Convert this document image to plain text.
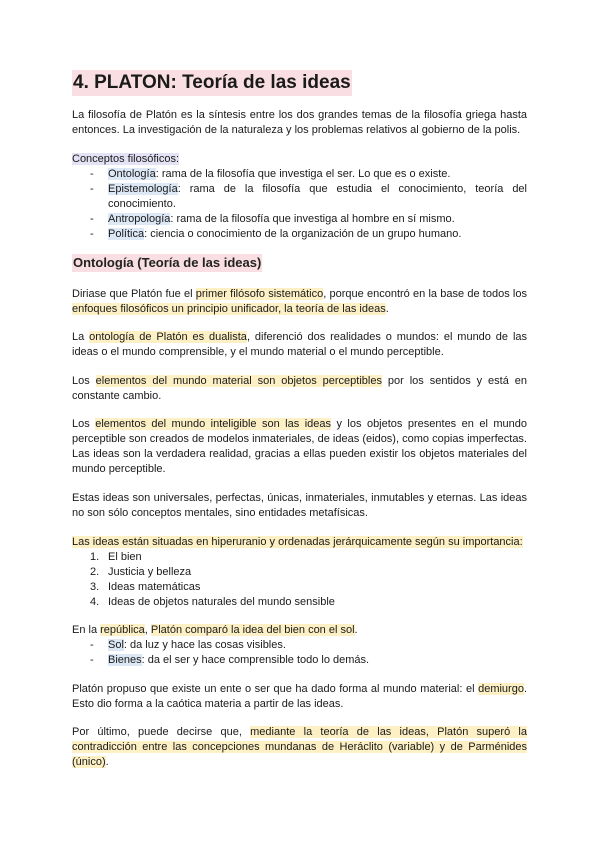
4. PLATON: Teoría de las ideas

La filosofía de Platón es la síntesis entre los dos grandes temas de la filosofía griega hasta entonces. La investigación de la naturaleza y los problemas relativos al gobierno de la polis.

Conceptos filosóficos:

- Ontología: rama de la filosofía que investiga el ser. Lo que es o existe.
- Epistemología: rama de la filosofía que estudia el conocimiento, teoría del conocimiento.
- Antropología: rama de la filosofía que investiga al hombre en sí mismo.
- Política: ciencia o conocimiento de la organización de un grupo humano.
Ontología (Teoría de las ideas)

Diriase que Platón fue el primer filósofo sistemático, porque encontró en la base de todos los enfoques filosóficos un principio unificador, la teoría de las ideas.

La ontología de Platón es dualista, diferenció dos realidades o mundos: el mundo de las ideas o el mundo comprensible, y el mundo material o el mundo perceptible.

Los elementos del mundo material son objetos perceptibles por los sentidos y está en constante cambio.

Los elementos del mundo inteligible son las ideas y los objetos presentes en el mundo perceptible son creados de modelos inmateriales, de ideas (eidos), como copias imperfectas. Las ideas son la verdadera realidad, gracias a ellas pueden existir los objetos materiales del mundo perceptible.

Estas ideas son universales, perfectas, únicas, inmateriales, inmutables y eternas. Las ideas no son sólo conceptos mentales, sino entidades metafísicas.

Las ideas están situadas en hiperuranio y ordenadas jerárquicamente según su importancia:

1. El bien
2. Justicia y belleza
3. Ideas matemáticas
4. Ideas de objetos naturales del mundo sensible

En la república, Platón comparó la idea del bien con el sol.

- Sol: da luz y hace las cosas visibles.
- Bienes: da el ser y hace comprensible todo lo demás.

Platón propuso que existe un ente o ser que ha dado forma al mundo material: el demiurgo. Esto dio forma a la caótica materia a partir de las ideas.

Por último, puede decirse que, mediante la teoría de las ideas, Platón superó la contradicción entre las concepciones mundanas de Heráclito (variable) y de Parménides (único).
